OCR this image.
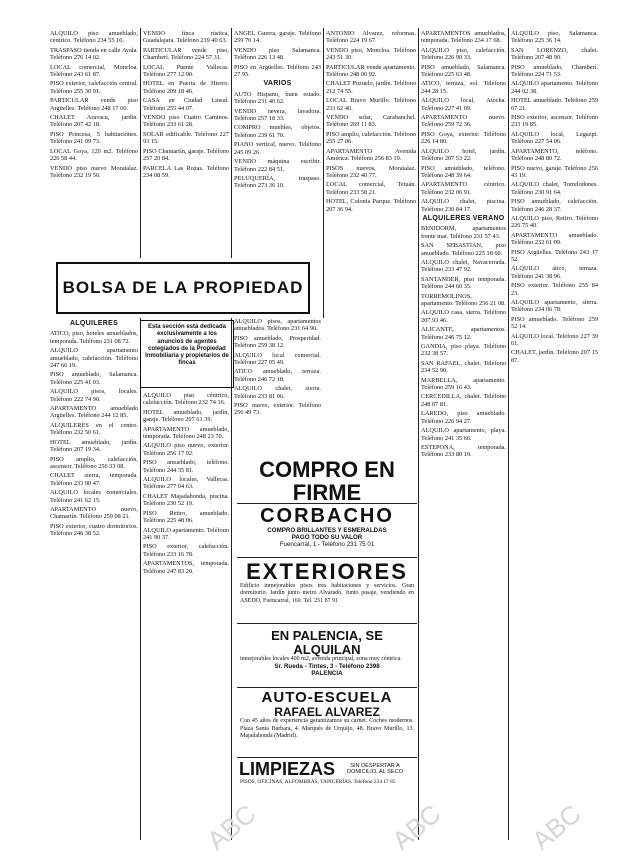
ALQUILO piso amueblado, céntrico. Teléfono 234 55 10.

TRASPASO tienda en calle Ayala. Teléfono 276 14 02.

LOCAL comercial, Moncloa. Teléfono 243 61 87.

PISO exterior, calefacción central. Teléfono 255 30 91.

PARTICULAR vende piso Argüelles. Teléfono 248 17 66.

CHALET Aravaca, jardín. Teléfono 207 42 18.

PISO Princesa, 5 habitaciones. Teléfono 241 09 73.

LOCAL Goya, 120 m2. Teléfono 226 58 44.

VENDO piso nuevo Moratalaz. Teléfono 232 19 50.

BOLSA DE LA PROPIEDAD
ALQUILERES

ATICO, piso, hoteles amueblados, temporada. Teléfono 231 08 72.

ALQUILO apartamento amueblado, calefacción. Teléfono 247 66 19.

PISO amueblado, Salamanca. Teléfono 225 41 03.

ALQUILO pisos, locales. Teléfono 222 74 90.

APARTAMENTO amueblado Argüelles. Teléfono 244 12 85.

ALQUILERES en el centro. Teléfono 232 50 61.

HOTEL amueblado, jardín. Teléfono 207 19 34.

PISO amplio, calefacción, ascensor. Teléfono 256 33 08.

CHALET sierra, temporada. Teléfono 233 90 47.

ALQUILO locales comerciales. Teléfono 241 62 15.

APARTAMENTO nuevo, Chamartín. Teléfono 259 08 21.

PISO exterior, cuatro dormitorios. Teléfono 246 38 52.

VENDO finca rústica, Guadalajara. Teléfono 219 40 63.

PARTICULAR vende piso, Chamberí. Teléfono 224 57 31.

LOCAL Puente Vallecas. Teléfono 277 12 90.

HOTEL en Puerta de Hierro. Teléfono 209 18 46.

CASA en Ciudad Lineal. Teléfono 255 44 07.

VENDO piso Cuatro Caminos. Teléfono 233 61 28.

SOLAR edificable. Teléfono 227 93 15.

PISO Chamartín, garaje. Teléfono 257 20 84.

PARCELA Las Rozas. Teléfono 234 08 59.

Esta sección está dedicada exclusivamente a los anuncios de agentes colegiados de la Propiedad Inmobiliaria y propietarios de fincas

ALQUILO piso céntrico, calefacción. Teléfono 232 74 16.

HOTEL amueblado, jardín, garaje. Teléfono 207 61 39.

APARTAMENTO amueblado, temporada. Teléfono 248 23 70.

ALQUILO piso nuevo, exterior. Teléfono 256 17 92.

PISO amueblado, teléfono. Teléfono 244 35 81.

ALQUILO locales, Vallecas. Teléfono 277 04 63.

CHALET Majadahonda, piscina. Teléfono 230 52 19.

PISO Retiro, amueblado. Teléfono 225 48 06.

ALQUILO apartamento. Teléfono 241 90 37.

PISO exterior, calefacción. Teléfono 233 16 78.

APARTAMENTOS, temporada. Teléfono 247 83 20.

ANGEL Guerra, garaje. Teléfono 259 70 14.

VENDO piso Salamanca. Teléfono 226 13 48.

PISO en Argüelles. Teléfono 243 27 95.

VARIOS

AUTO Hispano, buen estado. Teléfono 231 40 62.

VENDO nevera, lavadora. Teléfono 257 18 33.

COMPRO muebles, objetos. Teléfono 239 61 70.

PIANO vertical, nuevo. Teléfono 245 09 26.

VENDO máquina escribir. Teléfono 222 84 51.

PELUQUERÍA, traspaso. Teléfono 273 36 10.

ALQUILO pisos, apartamentos amueblados. Teléfono 231 64 90.

PISO amueblado, Prosperidad. Teléfono 259 38 12.

ALQUILO local comercial. Teléfono 227 05 49.

ATICO amueblado, terraza. Teléfono 246 72 18.

ALQUILO chalet, sierra. Teléfono 233 81 06.

PISO nuevo, exterior. Teléfono 256 49 73.

ANTONIO Alvarez, reformas. Teléfono 224 19 67.

VENDO piso, Moncloa. Teléfono 243 51 30.

PARTICULAR vende apartamento. Teléfono 248 06 92.

CHALET Pozuelo, jardín. Teléfono 212 74 55.

LOCAL Bravo Murillo. Teléfono 233 62 40.

VENDO solar, Carabanchel. Teléfono 269 11 83.

PISO amplio, calefacción. Teléfono 255 27 06.

APARTAMENTO Avenida América. Teléfono 256 83 19.

PISOS nuevos, Moratalaz. Teléfono 232 40 77.

LOCAL comercial, Tetuán. Teléfono 233 58 21.

HOTEL, Colonia Parque. Teléfono 207 36 94.

COMPRO EN FIRME
CORBACHO
COMPRO BRILLANTES Y ESMERALDAS
PAGO TODO SU VALOR
Fuencarral, 1 - Teléfono 231 75 01
EXTERIORES
Edificio inmejorables pisos tres habitaciones y servicios. Gran dormitorio. Jardín junto metro Alvarado. Junto pasaje, vendiendo en ASEDO, Fuencarral, 160. Tel. 251 87 91
EN PALENCIA, SE ALQUILAN
inmejorables locales 400 m2, avenida principal, zona muy céntrica.
Sr. Rueda - Tintes, 3 - Teléfono 2398
PALENCIA
AUTO-ESCUELA
RAFAEL ALVAREZ
Con 45 años de experiencia garantizamos su carnet. Coches modernos. Plaza Santa Bárbara, 4. Marqués de Urquijo, 48. Bravo Murillo, 13. Majadahonda (Madrid).
LIMPIEZAS	SIN DESPERTAR A DOMICILIO, AL SECO
PISOS, OFICINAS, ALFOMBRAS, TAPICERÍAS. Teléfono 234 17 85

APARTAMENTOS amueblados, temporada. Teléfono 234 17 68.

ALQUILO piso, calefacción. Teléfono 226 90 33.

PISO amueblado, Salamanca. Teléfono 225 63 48.

ATICO, terraza, sol. Teléfono 244 28 15.

ALQUILO local, Atocha. Teléfono 227 41 09.

APARTAMENTO nuevo. Teléfono 259 72 36.

PISO Goya, exterior. Teléfono 226 14 80.

ALQUILO hotel, jardín. Teléfono 207 53 22.

PISO amueblado, teléfono. Teléfono 248 39 64.

APARTAMENTO céntrico. Teléfono 232 06 91.

ALQUILO chalet, piscina. Teléfono 230 84 17.

ALQUILERES VERANO

BENIDORM, apartamentos frente mar. Teléfono 231 57 43.

SAN SEBASTIAN, piso amueblado. Teléfono 225 18 60.

ALQUILO chalet, Navacerrada. Teléfono 233 47 92.

SANTANDER, piso temporada. Teléfono 244 60 35.

TORREMOLINOS, apartamento. Teléfono 256 21 08.

ALQUILO casa, sierra. Teléfono 207 93 46.

ALICANTE, apartamentos. Teléfono 246 75 12.

GANDIA, piso playa. Teléfono 232 38 57.

SAN RAFAEL, chalet. Teléfono 234 52 90.

MARBELLA, apartamento. Teléfono 259 16 43.

CERCEDILLA, chalet. Teléfono 248 07 81.

LAREDO, piso amueblado. Teléfono 226 94 27.

ALQUILO apartamento, playa. Teléfono 241 35 66.

ESTEPONA, temporada. Teléfono 233 80 19.

ALQUILO piso, Salamanca. Teléfono 225 36 14.

SAN LORENZO, chalet. Teléfono 207 48 90.

PISO amueblado, Chamberí. Teléfono 224 71 53.

ALQUILO apartamento. Teléfono 244 02 38.

HOTEL amueblado. Teléfono 259 67 21.

PISO exterior, ascensor. Teléfono 233 19 85.

ALQUILO local, Legazpi. Teléfono 227 54 06.

APARTAMENTO, teléfono. Teléfono 248 80 72.

PISO nuevo, garaje. Teléfono 256 43 19.

ALQUILO chalet, Torrelodones. Teléfono 230 91 64.

PISO amueblado, calefacción. Teléfono 246 28 37.

ALQUILO piso, Retiro. Teléfono 226 75 40.

APARTAMENTO amueblado. Teléfono 232 61 09.

PISO Argüelles. Teléfono 243 17 52.

ALQUILO ático, terraza. Teléfono 241 38 96.

PISO exterior. Teléfono 255 84 23.

ALQUILO apartamento, sierra. Teléfono 234 06 78.

PISO amueblado. Teléfono 259 52 14.

ALQUILO local. Teléfono 227 39 61.

CHALET, jardín. Teléfono 207 15 87.

ABC	ABC	ABC
